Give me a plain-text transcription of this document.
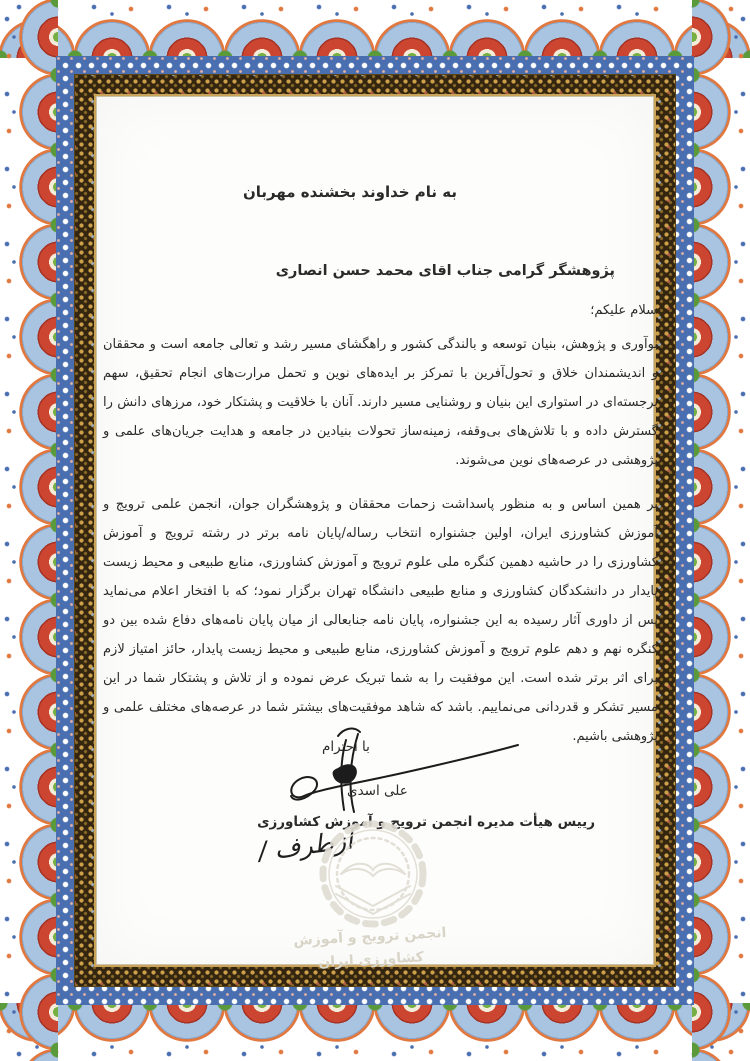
به نام خداوند بخشنده مهربان
پژوهشگر گرامی جناب اقای محمد حسن انصاری
سلام علیکم؛

نوآوری و پژوهش، بنیان توسعه و بالندگی کشور و راهگشای مسیر رشد و تعالی جامعه است و محققان و اندیشمندان خلاق و تحول‌آفرین با تمرکز بر ایده‌های نوین و تحمل مرارت‌های انجام تحقیق، سهم برجسته‌ای در استواری این بنیان و روشنایی مسیر دارند. آنان با خلاقیت و پشتکار خود، مرزهای دانش را گسترش داده و با تلاش‌های بی‌وقفه، زمینه‌ساز تحولات بنیادین در جامعه و هدایت جریان‌های علمی و پژوهشی در عرصه‌های نوین می‌شوند.

بر همین اساس و به منظور پاسداشت زحمات محققان و پژوهشگران جوان، انجمن علمی ترویج و آموزش کشاورزی ایران، اولین جشنواره انتخاب رساله/پایان نامه برتر در رشته ترویج و آموزش کشاورزی را در حاشیه دهمین کنگره ملی علوم ترویج و آموزش کشاورزی، منابع طبیعی و محیط زیست پایدار در دانشکدگان کشاورزی و منابع طبیعی دانشگاه تهران برگزار نمود؛ که با افتخار اعلام می‌نماید پس از داوری آثار رسیده به این جشنواره، پایان نامه جنابعالی از میان پایان نامه‌های دفاع شده بین دو کنگره نهم و دهم علوم ترویج و آموزش کشاورزی، منابع طبیعی و محیط زیست پایدار، حائز امتیاز لازم برای اثر برتر شده است. این موفقیت را به شما تبریک عرض نموده و از تلاش و پشتکار شما در این مسیر تشکر و قدردانی می‌نماییم. باشد که شاهد موفقیت‌های بیشتر شما در عرصه‌های مختلف علمی و پژوهشی باشیم.

با احترام
علی اسدی
رییس هیأت مدیره انجمن ترویج و آموزش کشاورزی
ازطرف /
انجمن ترویج و آموزش
کشاورزی ایران
